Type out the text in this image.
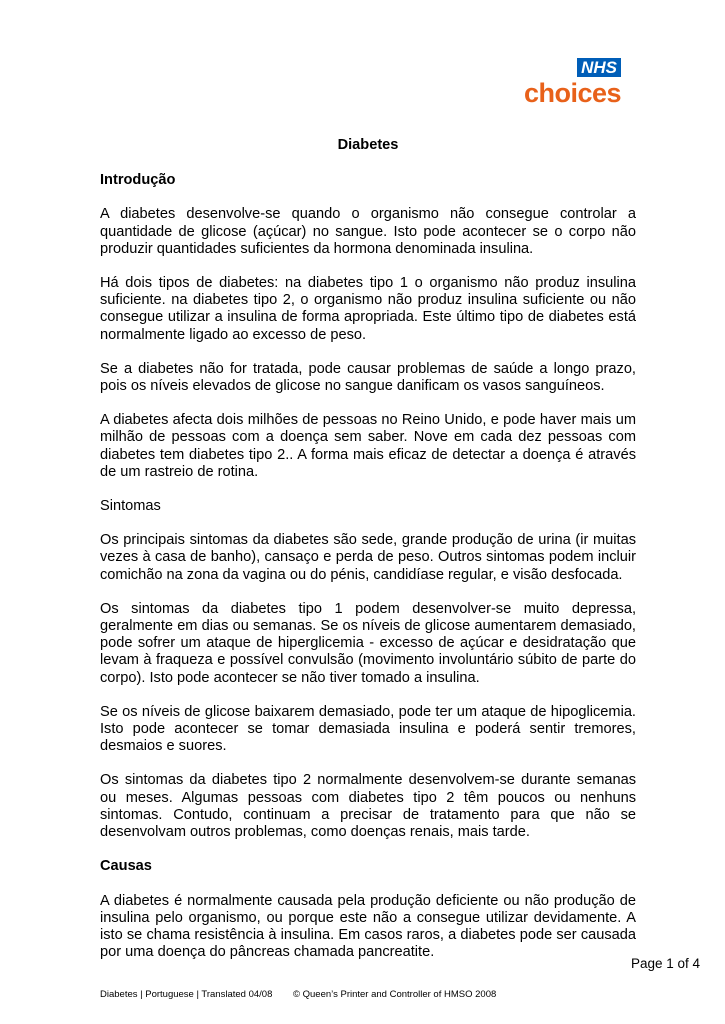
NHS
choices

Diabetes

Introdução

A diabetes desenvolve-se quando o organismo não consegue controlar a quantidade de glicose (açúcar) no sangue. Isto pode acontecer se o corpo não produzir quantidades suficientes da hormona denominada insulina.

Há dois tipos de diabetes: na diabetes tipo 1 o organismo não produz insulina suficiente. na diabetes tipo 2, o organismo não produz insulina suficiente ou não consegue utilizar a insulina de forma apropriada. Este último tipo de diabetes está normalmente ligado ao excesso de peso.

Se a diabetes não for tratada, pode causar problemas de saúde a longo prazo, pois os níveis elevados de glicose no sangue danificam os vasos sanguíneos.

A diabetes afecta dois milhões de pessoas no Reino Unido, e pode haver mais um milhão de pessoas com a doença sem saber. Nove em cada dez pessoas com diabetes tem diabetes tipo 2.. A forma mais eficaz de detectar a doença é através de um rastreio de rotina.

Sintomas

Os principais sintomas da diabetes são sede, grande produção de urina (ir muitas vezes à casa de banho), cansaço e perda de peso. Outros sintomas podem incluir comichão na zona da vagina ou do pénis, candidíase regular, e visão desfocada.

Os sintomas da diabetes tipo 1 podem desenvolver-se muito depressa, geralmente em dias ou semanas. Se os níveis de glicose aumentarem demasiado, pode sofrer um ataque de hiperglicemia - excesso de açúcar e desidratação que levam à fraqueza e possível convulsão (movimento involuntário súbito de parte do corpo). Isto pode acontecer se não tiver tomado a insulina.

Se os níveis de glicose baixarem demasiado, pode ter um ataque de hipoglicemia. Isto pode acontecer se tomar demasiada insulina e poderá sentir tremores, desmaios e suores.

Os sintomas da diabetes tipo 2 normalmente desenvolvem-se durante semanas ou meses. Algumas pessoas com diabetes tipo 2 têm poucos ou nenhuns sintomas. Contudo, continuam a precisar de tratamento para que não se desenvolvam outros problemas, como doenças renais, mais tarde.

Causas

A diabetes é normalmente causada pela produção deficiente ou não produção de insulina pelo organismo, ou porque este não a consegue utilizar devidamente. A isto se chama resistência à insulina. Em casos raros, a diabetes pode ser causada por uma doença do pâncreas chamada pancreatite.

Page 1 of 4
Diabetes | Portuguese | Translated 04/08 © Queen’s Printer and Controller of HMSO 2008
